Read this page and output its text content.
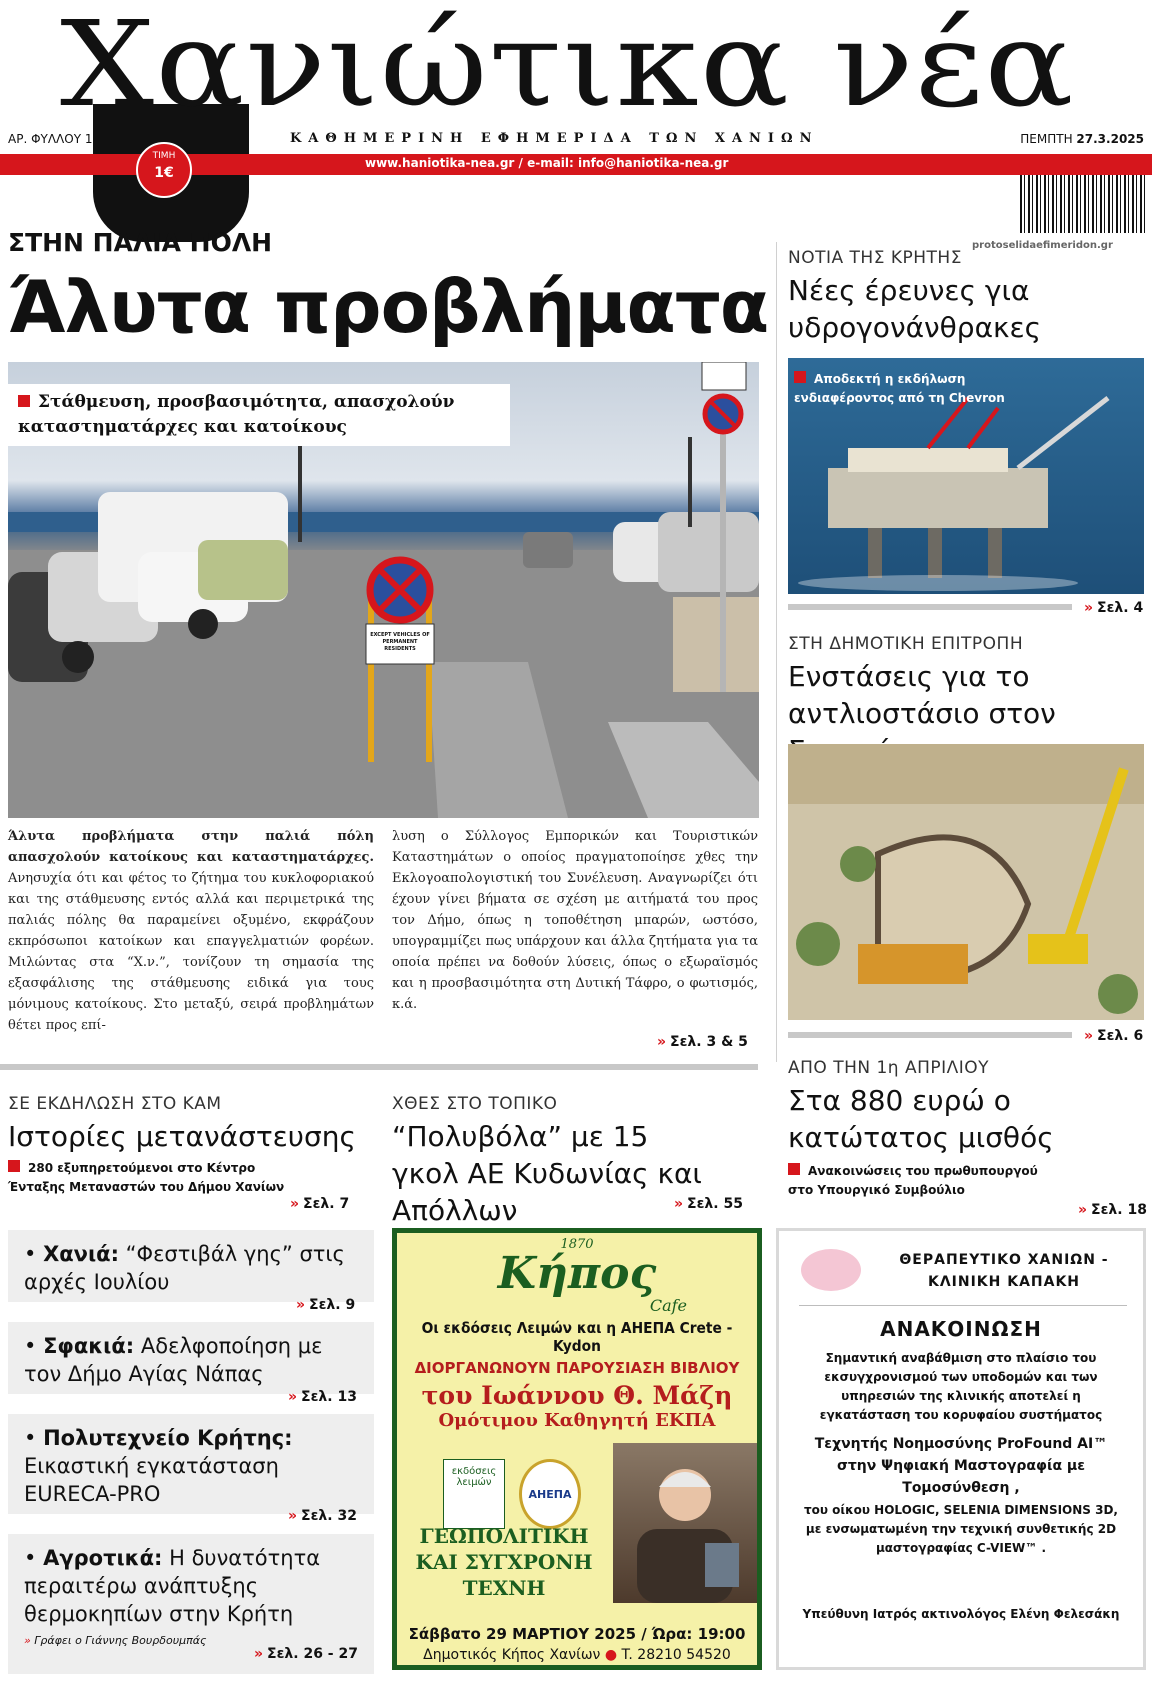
Χανιώτικα νέα
ΑΡ. ΦΥΛΛΟΥ 1	ΚΑΘΗΜΕΡΙΝΗ ΕΦΗΜΕΡΙΔΑ ΤΩΝ ΧΑΝΙΩΝ	ΠΕΜΠΤΗ 27.3.2025
www.haniotika-nea.gr / e-mail: info@haniotika-nea.gr
ΤΙΜΗ
1€
protoselidaefimeridon.gr
ΣΤΗΝ ΠΑΛΙΑ ΠΟΛΗ
Άλυτα προβλήματα
EXCEPT VEHICLES OF PERMANENT RESIDENTS
Στάθμευση, προσβασιμότητα, απασχολούν καταστηματάρχες και κατοίκους
Άλυτα προβλήματα στην παλιά πόλη απασχολούν κατοίκους και καταστηματάρχες. Ανησυχία ότι και φέτος το ζήτημα του κυκλοφοριακού και της στάθμευσης εντός αλλά και περιμετρικά της παλιάς πόλης θα παραμείνει οξυμένο, εκφράζουν εκπρόσωποι κατοίκων και επαγγελματιών φορέων. Μιλώντας στα “Χ.ν.”, τονίζουν τη σημασία της εξασφάλισης της στάθμευσης ειδικά για τους μόνιμους κατοίκους. Στο μεταξύ, σειρά προβλημάτων θέτει προς επί-
λυση ο Σύλλογος Εμπορικών και Τουριστικών Καταστημάτων ο οποίος πραγματοποίησε χθες την Εκλογοαπολογιστική του Συνέλευση. Αναγνωρίζει ότι έχουν γίνει βήματα σε σχέση με αιτήματά του προς τον Δήμο, όπως η τοποθέτηση μπαρών, ωστόσο, υπογραμμίζει πως υπάρχουν και άλλα ζητήματα για τα οποία πρέπει να δοθούν λύσεις, όπως ο εξωραϊσμός και η προσβασιμότητα στη Δυτική Τάφρο, ο φωτισμός, κ.ά.
» Σελ. 3 & 5
ΝΟΤΙΑ ΤΗΣ ΚΡΗΤΗΣ
Νέες έρευνες για υδρογονάνθρακες
Αποδεκτή η εκδήλωση ενδιαφέροντος από τη Chevron
» Σελ. 4
ΣΤΗ ΔΗΜΟΤΙΚΗ ΕΠΙΤΡΟΠΗ
Ενστάσεις για το αντλιοστάσιο στον
» Σελ. 6
ΑΠΟ ΤΗΝ 1η ΑΠΡΙΛΙΟΥ
Στα 880 ευρώ ο κατώτατος μισθός
Ανακοινώσεις του πρωθυπουργού στο Υπουργικό Συμβούλιο
» Σελ. 18
ΣΕ ΕΚΔΗΛΩΣΗ ΣΤΟ ΚΑΜ
Ιστορίες μετανάστευσης
280 εξυπηρετούμενοι στο Κέντρο Ένταξης Μεταναστών του Δήμου Χανίων
» Σελ. 7
ΧΘΕΣ ΣΤΟ ΤΟΠΙΚΟ
“Πολυβόλα” με 15 γκολ ΑΕ Κυδωνίας και Απόλλων	» Σελ. 55
• Χανιά: “Φεστιβάλ γης” στις αρχές Ιουλίου
» Σελ. 9
• Σφακιά: Αδελφοποίηση με τον Δήμο Αγίας Νάπας
» Σελ. 13
• Πολυτεχνείο Κρήτης: Εικαστική εγκατάσταση EURECA-PRO
» Σελ. 32
• Αγροτικά: Η δυνατότητα περαιτέρω ανάπτυξης θερμοκηπίων στην Κρήτη
» Γράφει ο Γιάννης Βουρδουμπάς
» Σελ. 26 - 27
1870
Κήπος
Cafe
Οι εκδόσεις Λειμών και η ΑΗΕΠΑ Crete - Kydon
ΔΙΟΡΓΑΝΩΝΟΥΝ ΠΑΡΟΥΣΙΑΣΗ ΒΙΒΛΙΟΥ
του Ιωάννου Θ. Μάζη
Ομότιμου Καθηγητή ΕΚΠΑ
εκδόσεις λειμών
ΑΗΕΠΑ
ΓΕΩΠΟΛΙΤΙΚΗ ΚΑΙ ΣΥΓΧΡΟΝΗ ΤΕΧΝΗ
Σάββατο 29 ΜΑΡΤΙΟΥ 2025 / Ώρα: 19:00
Δημοτικός Κήπος Χανίων ● T. 28210 54520
ΘΕΡΑΠΕΥΤΙΚΟ ΧΑΝΙΩΝ - ΚΛΙΝΙΚΗ ΚΑΠΑΚΗ
ΑΝΑΚΟΙΝΩΣΗ
Σημαντική αναβάθμιση στο πλαίσιο του εκσυγχρονισμού των υποδομών και των υπηρεσιών της κλινικής αποτελεί η εγκατάσταση του κορυφαίου συστήματος
Τεχνητής Νοημοσύνης ProFound AI™ στην Ψηφιακή Μαστογραφία με Τομοσύνθεση ,
του οίκου HOLOGIC, SELENIA DIMENSIONS 3D, με ενσωματωμένη την τεχνική συνθετικής 2D μαστογραφίας C-VIEW™ .
Υπεύθυνη Ιατρός ακτινολόγος Ελένη Φελεσάκη
